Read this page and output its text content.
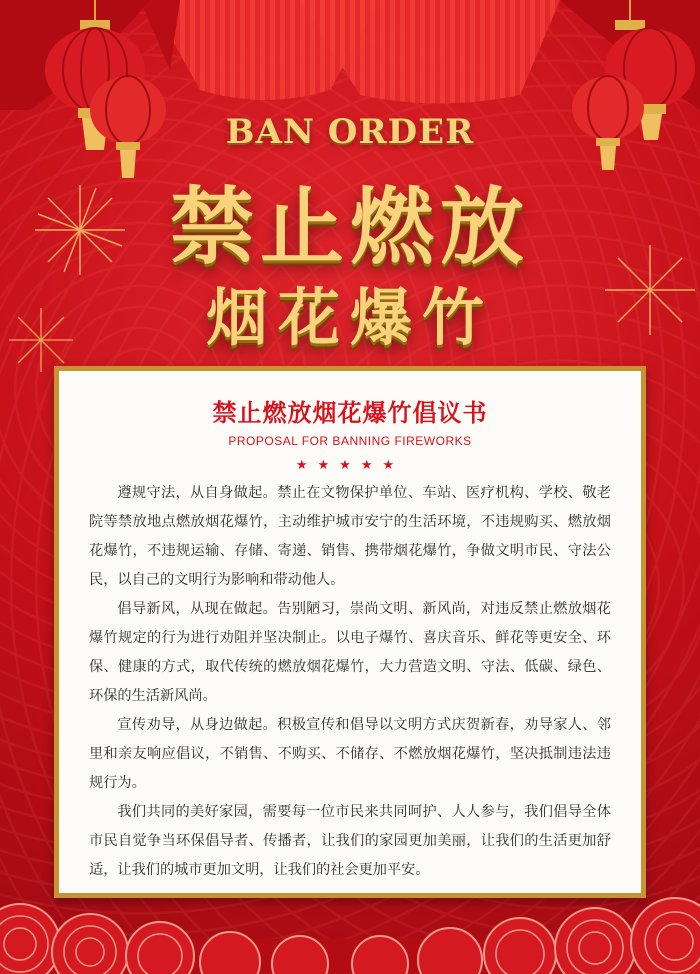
BAN ORDER
禁止燃放
烟花爆竹
禁止燃放烟花爆竹倡议书
PROPOSAL FOR BANNING FIREWORKS
★★★★★

遵规守法，从自身做起。禁止在文物保护单位、车站、医疗机构、学校、敬老院等禁放地点燃放烟花爆竹，主动维护城市安宁的生活环境，不违规购买、燃放烟花爆竹，不违规运输、存储、寄递、销售、携带烟花爆竹，争做文明市民、守法公民，以自己的文明行为影响和带动他人。

倡导新风，从现在做起。告别陋习，崇尚文明、新风尚，对违反禁止燃放烟花爆竹规定的行为进行劝阻并坚决制止。以电子爆竹、喜庆音乐、鲜花等更安全、环保、健康的方式，取代传统的燃放烟花爆竹，大力营造文明、守法、低碳、绿色、环保的生活新风尚。

宣传劝导，从身边做起。积极宣传和倡导以文明方式庆贺新春，劝导家人、邻里和亲友响应倡议，不销售、不购买、不储存、不燃放烟花爆竹，坚决抵制违法违规行为。

我们共同的美好家园，需要每一位市民来共同呵护、人人参与，我们倡导全体市民自觉争当环保倡导者、传播者，让我们的家园更加美丽，让我们的生活更加舒适，让我们的城市更加文明，让我们的社会更加平安。
